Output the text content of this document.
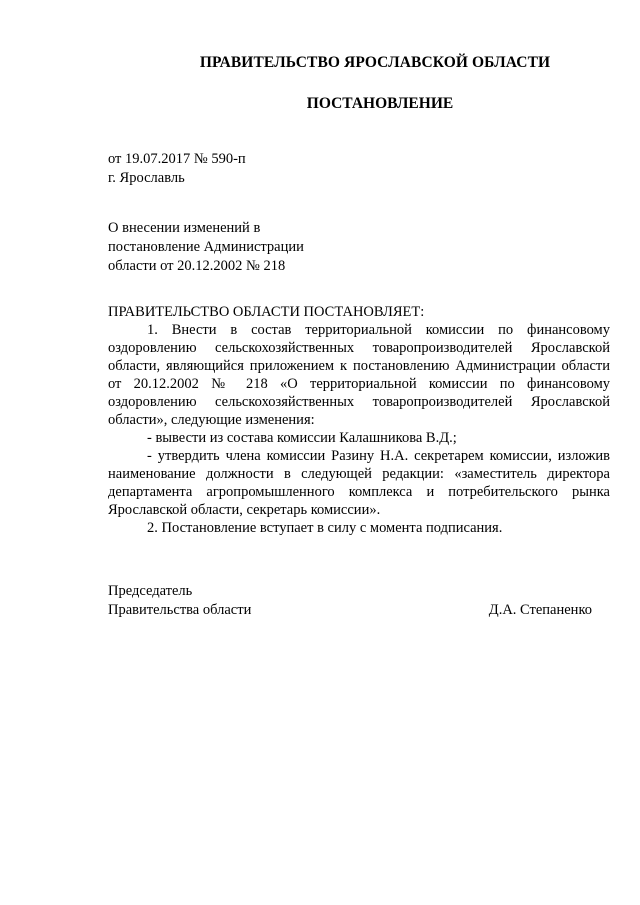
ПРАВИТЕЛЬСТВО ЯРОСЛАВСКОЙ ОБЛАСТИ
ПОСТАНОВЛЕНИЕ
от 19.07.2017 № 590-п
г. Ярославль
О внесении изменений в
постановление Администрации
области от 20.12.2002 № 218

ПРАВИТЕЛЬСТВО ОБЛАСТИ ПОСТАНОВЛЯЕТ:

1. Внести в состав территориальной комиссии по финансовому оздоровлению сельскохозяйственных товаропроизводителей Ярославской области, являющийся приложением к постановлению Администрации области от 20.12.2002 № 218 «О территориальной комиссии по финансовому оздоровлению сельскохозяйственных товаропроизводителей Ярославской области», следующие изменения:

- вывести из состава комиссии Калашникова В.Д.;

- утвердить члена комиссии Разину Н.А. секретарем комиссии, изложив наименование должности в следующей редакции: «заместитель директора департамента агропромышленного комплекса и потребительского рынка Ярославской области, секретарь комиссии».

2. Постановление вступает в силу с момента подписания.

Председатель
Правительства области	Д.А. Степаненко
